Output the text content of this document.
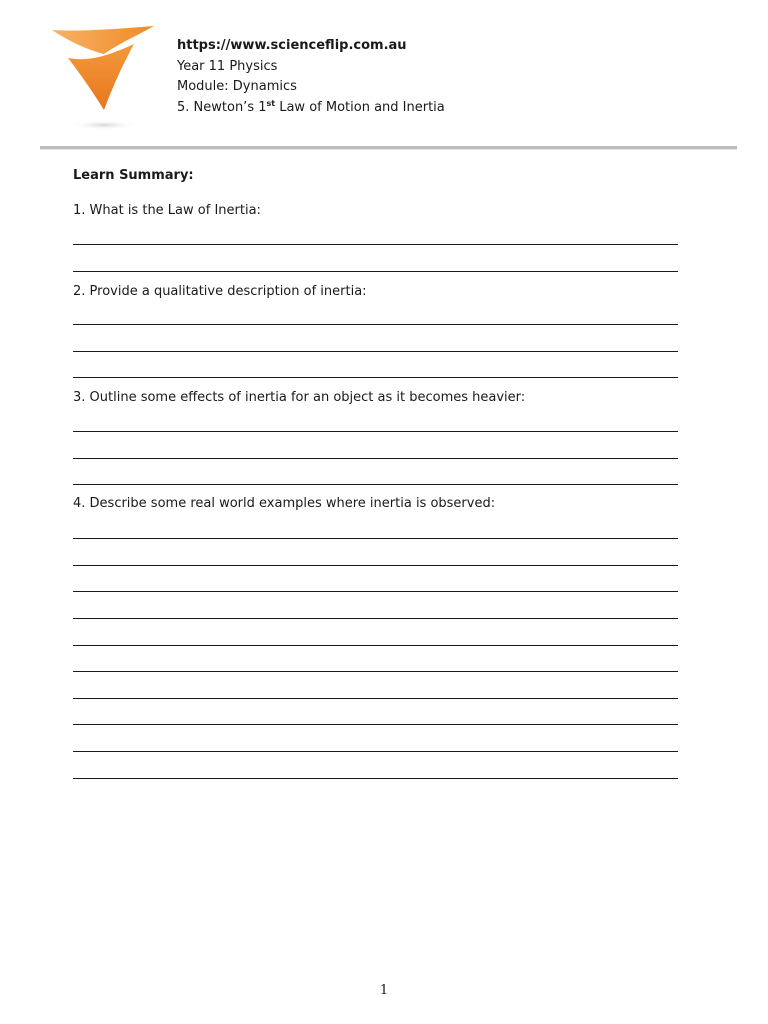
https://www.scienceflip.com.au
Year 11 Physics
Module: Dynamics
5. Newton’s 1st Law of Motion and Inertia

Learn Summary:

1. What is the Law of Inertia:
2. Provide a qualitative description of inertia:
3. Outline some effects of inertia for an object as it becomes heavier:
4. Describe some real world examples where inertia is observed:
1
